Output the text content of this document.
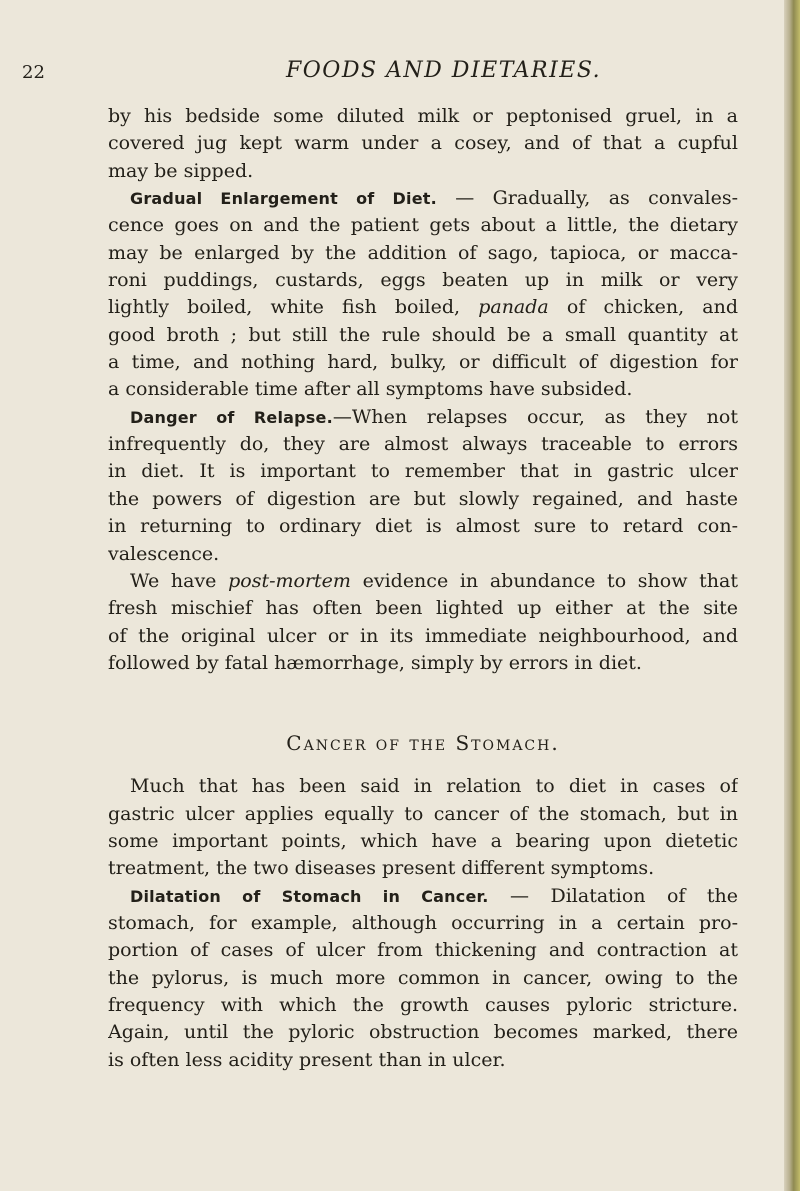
22	FOODS AND DIETARIES.
by his bedside some diluted milk or peptonised gruel, in a
covered jug kept warm under a cosey, and of that a cupful
may be sipped.
Gradual Enlargement of Diet. — Gradually, as convales-
cence goes on and the patient gets about a little, the dietary
may be enlarged by the addition of sago, tapioca, or macca-
roni puddings, custards, eggs beaten up in milk or very
lightly boiled, white fish boiled, panada of chicken, and
good broth ; but still the rule should be a small quantity at
a time, and nothing hard, bulky, or difficult of digestion for
a considerable time after all symptoms have subsided.
Danger of Relapse.—When relapses occur, as they not
infrequently do, they are almost always traceable to errors
in diet. It is important to remember that in gastric ulcer
the powers of digestion are but slowly regained, and haste
in returning to ordinary diet is almost sure to retard con-
valescence.
We have post-mortem evidence in abundance to show that
fresh mischief has often been lighted up either at the site
of the original ulcer or in its immediate neighbourhood, and
followed by fatal hæmorrhage, simply by errors in diet.
Cancer of the Stomach.
Much that has been said in relation to diet in cases of
gastric ulcer applies equally to cancer of the stomach, but in
some important points, which have a bearing upon dietetic
treatment, the two diseases present different symptoms.
Dilatation of Stomach in Cancer. — Dilatation of the
stomach, for example, although occurring in a certain pro-
portion of cases of ulcer from thickening and contraction at
the pylorus, is much more common in cancer, owing to the
frequency with which the growth causes pyloric stricture.
Again, until the pyloric obstruction becomes marked, there
is often less acidity present than in ulcer.
